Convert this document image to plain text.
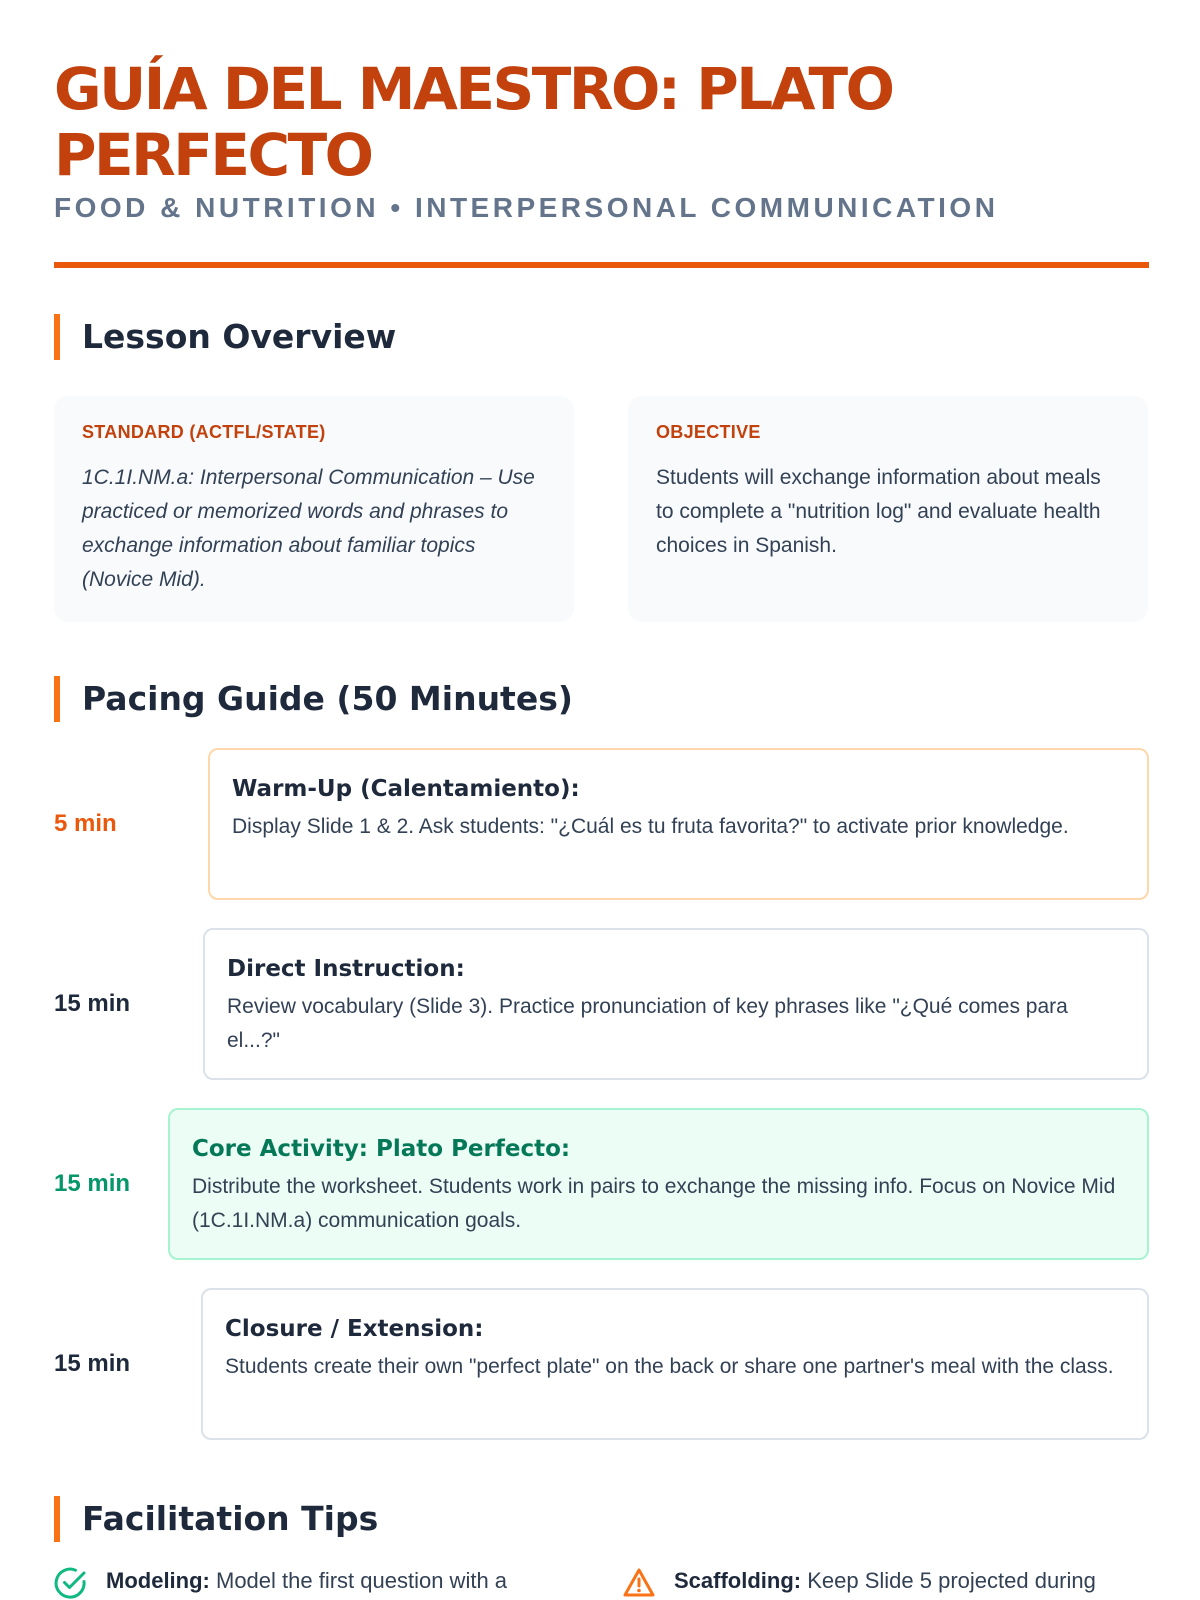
GUÍA DEL MAESTRO: PLATO PERFECTO
FOOD & NUTRITION • INTERPERSONAL COMMUNICATION
Lesson Overview
STANDARD (ACTFL/STATE)

1C.1I.NM.a: Interpersonal Communication – Use practiced or memorized words and phrases to exchange information about familiar topics (Novice Mid).

OBJECTIVE

Students will exchange information about meals to complete a "nutrition log" and evaluate health choices in Spanish.

Pacing Guide (50 Minutes)
5 min
Warm-Up (Calentamiento):

Display Slide 1 & 2. Ask students: "¿Cuál es tu fruta favorita?" to activate prior knowledge.

15 min
Direct Instruction:

Review vocabulary (Slide 3). Practice pronunciation of key phrases like "¿Qué comes para el...?"

15 min
Core Activity: Plato Perfecto:

Distribute the worksheet. Students work in pairs to exchange the missing info. Focus on Novice Mid (1C.1I.NM.a) communication goals.

15 min
Closure / Extension:

Students create their own "perfect plate" on the back or share one partner's meal with the class.

Facilitation Tips
Modeling: Model the first question with a	Scaffolding: Keep Slide 5 projected during
